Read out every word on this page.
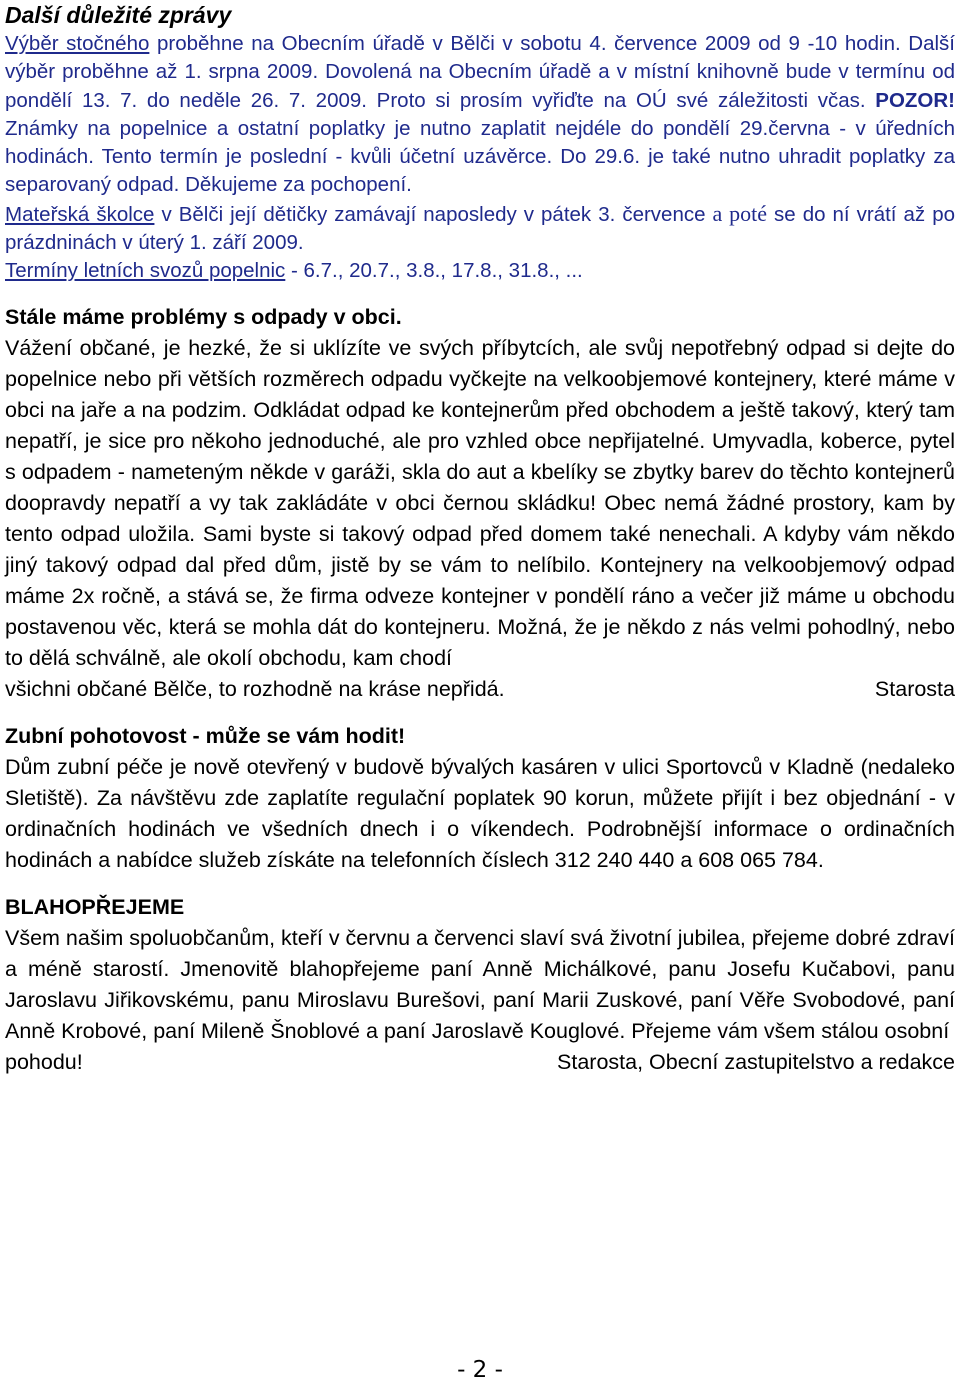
Další důležité zprávy
Výběr stočného proběhne na Obecním úřadě v Bělči v sobotu 4. července 2009 od 9 -10 hodin. Další výběr proběhne až 1. srpna 2009. Dovolená na Obecním úřadě a v místní knihovně bude v termínu od pondělí 13. 7. do neděle 26. 7. 2009. Proto si prosím vyřiďte na OÚ své záležitosti včas. POZOR! Známky na popelnice a ostatní poplatky je nutno zaplatit nejdéle do pondělí 29.června - v úředních hodinách. Tento termín je poslední - kvůli účetní uzávěrce. Do 29.6. je také nutno uhradit poplatky za separovaný odpad. Děkujeme za pochopení.
Mateřská školce v Bělči její dětičky zamávají naposledy v pátek 3. července a poté se do ní vrátí až po prázdninách v úterý 1. září 2009.
Termíny letních svozů popelnic - 6.7., 20.7., 3.8., 17.8., 31.8., ...

Stále máme problémy s odpady v obci.

Vážení občané, je hezké, že si uklízíte ve svých příbytcích, ale svůj nepotřebný odpad si dejte do popelnice nebo při větších rozměrech odpadu vyčkejte na velkoobjemové kontejnery, které máme v obci na jaře a na podzim. Odkládat odpad ke kontejnerům před obchodem a ještě takový, který tam nepatří, je sice pro někoho jednoduché, ale pro vzhled obce nepřijatelné. Umyvadla, koberce, pytel s odpadem - nameteným někde v garáži, skla do aut a kbelíky se zbytky barev do těchto kontejnerů doopravdy nepatří a vy tak zakládáte v obci černou skládku! Obec nemá žádné prostory, kam by tento odpad uložila. Sami byste si takový odpad před domem také nenechali. A kdyby vám někdo jiný takový odpad dal před dům, jistě by se vám to nelíbilo. Kontejnery na velkoobjemový odpad máme 2x ročně, a stává se, že firma odveze kontejner v pondělí ráno a večer již máme u obchodu postavenou věc, která se mohla dát do kontejneru. Možná, že je někdo z nás velmi pohodlný, nebo to dělá schválně, ale okolí obchodu, kam chodí

všichni občané Bělče, to rozhodně na kráse nepřidá.	Starosta

Zubní pohotovost - může se vám hodit!

Dům zubní péče je nově otevřený v budově bývalých kasáren v ulici Sportovců v Kladně (nedaleko Sletiště). Za návštěvu zde zaplatíte regulační poplatek 90 korun, můžete přijít i bez objednání - v ordinačních hodinách ve všedních dnech i o víkendech. Podrobnější informace o ordinačních hodinách a nabídce služeb získáte na telefonních číslech 312 240 440 a 608 065 784.

BLAHOPŘEJEME

Všem našim spoluobčanům, kteří v červnu a červenci slaví svá životní jubilea, přejeme dobré zdraví a méně starostí. Jmenovitě blahopřejeme paní Anně Michálkové, panu Josefu Kučabovi, panu Jaroslavu Jiřikovskému, panu Miroslavu Burešovi, paní Marii Zuskové, paní Věře Svobodové, paní Anně Krobové, paní Mileně Šnoblové a paní Jaroslavě Kouglové. Přejeme vám všem stálou osobní

pohodu!	Starosta, Obecní zastupitelstvo a redakce

- 2 -
